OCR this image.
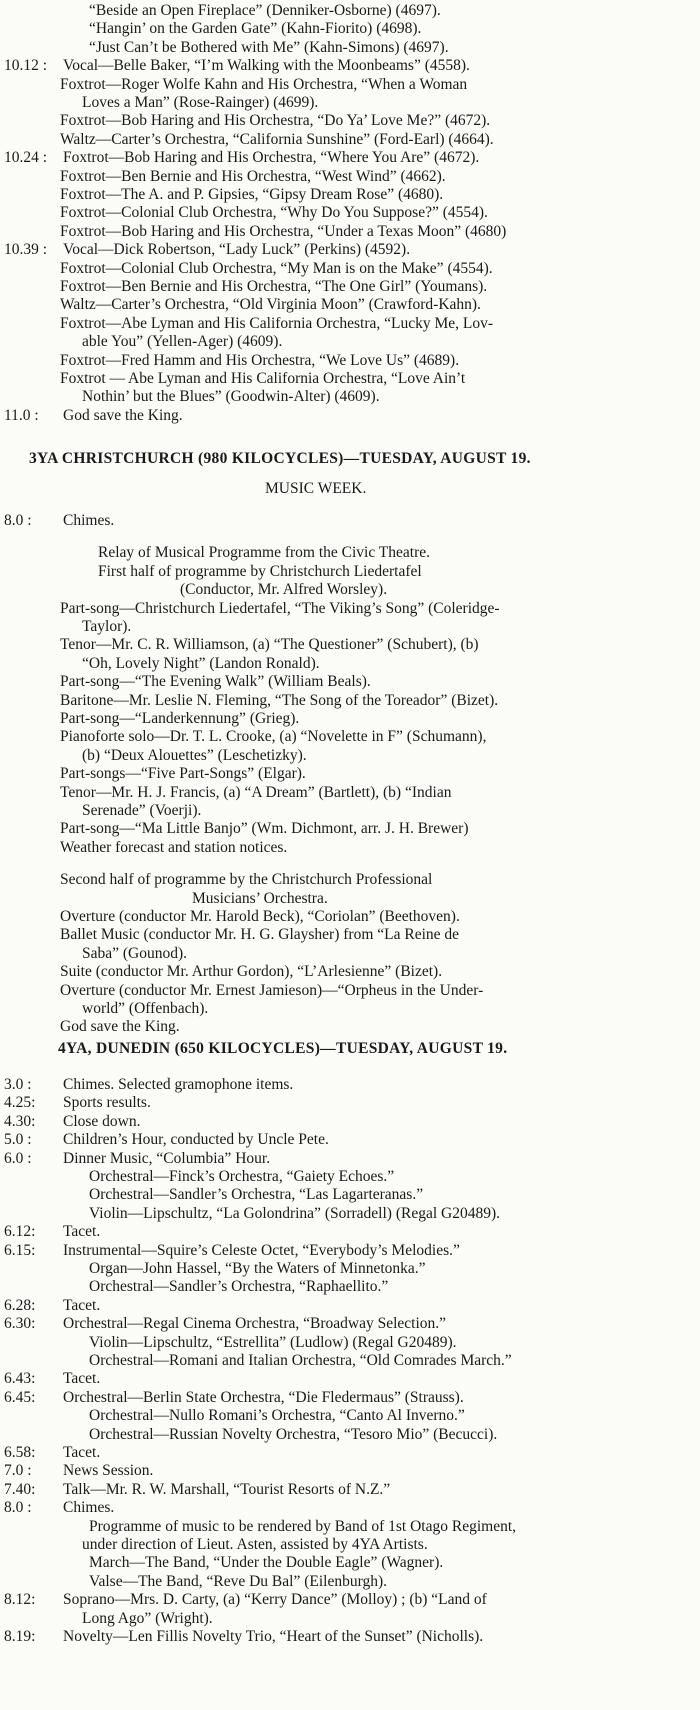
“Beside an Open Fireplace” (Denniker-Osborne) (4697).
“Hangin’ on the Garden Gate” (Kahn-Fiorito) (4698).
“Just Can’t be Bothered with Me” (Kahn-Simons) (4697).
10.12 : Vocal—Belle Baker, “I’m Walking with the Moonbeams” (4558).
Foxtrot—Roger Wolfe Kahn and His Orchestra, “When a Woman
Loves a Man” (Rose-Rainger) (4699).
Foxtrot—Bob Haring and His Orchestra, “Do Ya’ Love Me?” (4672).
Waltz—Carter’s Orchestra, “California Sunshine” (Ford-Earl) (4664).
10.24 : Foxtrot—Bob Haring and His Orchestra, “Where You Are” (4672).
Foxtrot—Ben Bernie and His Orchestra, “West Wind” (4662).
Foxtrot—The A. and P. Gipsies, “Gipsy Dream Rose” (4680).
Foxtrot—Colonial Club Orchestra, “Why Do You Suppose?” (4554).
Foxtrot—Bob Haring and His Orchestra, “Under a Texas Moon” (4680)
10.39 : Vocal—Dick Robertson, “Lady Luck” (Perkins) (4592).
Foxtrot—Colonial Club Orchestra, “My Man is on the Make” (4554).
Foxtrot—Ben Bernie and His Orchestra, “The One Girl” (Youmans).
Waltz—Carter’s Orchestra, “Old Virginia Moon” (Crawford-Kahn).
Foxtrot—Abe Lyman and His California Orchestra, “Lucky Me, Lov-
able You” (Yellen-Ager) (4609).
Foxtrot—Fred Hamm and His Orchestra, “We Love Us” (4689).
Foxtrot — Abe Lyman and His California Orchestra, “Love Ain’t
Nothin’ but the Blues” (Goodwin-Alter) (4609).
11.0 : God save the King.
3YA CHRISTCHURCH (980 KILOCYCLES)—TUESDAY, AUGUST 19.
MUSIC WEEK.
8.0 : Chimes.
Relay of Musical Programme from the Civic Theatre.
First half of programme by Christchurch Liedertafel
(Conductor, Mr. Alfred Worsley).
Part-song—Christchurch Liedertafel, “The Viking’s Song” (Coleridge-
Taylor).
Tenor—Mr. C. R. Williamson, (a) “The Questioner” (Schubert), (b)
“Oh, Lovely Night” (Landon Ronald).
Part-song—“The Evening Walk” (William Beals).
Baritone—Mr. Leslie N. Fleming, “The Song of the Toreador” (Bizet).
Part-song—“Landerkennung” (Grieg).
Pianoforte solo—Dr. T. L. Crooke, (a) “Novelette in F” (Schumann),
(b) “Deux Alouettes” (Leschetizky).
Part-songs—“Five Part-Songs” (Elgar).
Tenor—Mr. H. J. Francis, (a) “A Dream” (Bartlett), (b) “Indian
Serenade” (Voerji).
Part-song—“Ma Little Banjo” (Wm. Dichmont, arr. J. H. Brewer)
Weather forecast and station notices.
Second half of programme by the Christchurch Professional
Musicians’ Orchestra.
Overture (conductor Mr. Harold Beck), “Coriolan” (Beethoven).
Ballet Music (conductor Mr. H. G. Glaysher) from “La Reine de
Saba” (Gounod).
Suite (conductor Mr. Arthur Gordon), “L’Arlesienne” (Bizet).
Overture (conductor Mr. Ernest Jamieson)—“Orpheus in the Under-
world” (Offenbach).
God save the King.
4YA, DUNEDIN (650 KILOCYCLES)—TUESDAY, AUGUST 19.
3.0 : Chimes. Selected gramophone items.
4.25: Sports results.
4.30: Close down.
5.0 : Children’s Hour, conducted by Uncle Pete.
6.0 : Dinner Music, “Columbia” Hour.
Orchestral—Finck’s Orchestra, “Gaiety Echoes.”
Orchestral—Sandler’s Orchestra, “Las Lagarteranas.”
Violin—Lipschultz, “La Golondrina” (Sorradell) (Regal G20489).
6.12: Tacet.
6.15: Instrumental—Squire’s Celeste Octet, “Everybody’s Melodies.”
Organ—John Hassel, “By the Waters of Minnetonka.”
Orchestral—Sandler’s Orchestra, “Raphaellito.”
6.28: Tacet.
6.30: Orchestral—Regal Cinema Orchestra, “Broadway Selection.”
Violin—Lipschultz, “Estrellita” (Ludlow) (Regal G20489).
Orchestral—Romani and Italian Orchestra, “Old Comrades March.”
6.43: Tacet.
6.45: Orchestral—Berlin State Orchestra, “Die Fledermaus” (Strauss).
Orchestral—Nullo Romani’s Orchestra, “Canto Al Inverno.”
Orchestral—Russian Novelty Orchestra, “Tesoro Mio” (Becucci).
6.58: Tacet.
7.0 : News Session.
7.40: Talk—Mr. R. W. Marshall, “Tourist Resorts of N.Z.”
8.0 : Chimes.
Programme of music to be rendered by Band of 1st Otago Regiment,
under direction of Lieut. Asten, assisted by 4YA Artists.
March—The Band, “Under the Double Eagle” (Wagner).
Valse—The Band, “Reve Du Bal” (Eilenburgh).
8.12: Soprano—Mrs. D. Carty, (a) “Kerry Dance” (Molloy) ; (b) “Land of
Long Ago” (Wright).
8.19: Novelty—Len Fillis Novelty Trio, “Heart of the Sunset” (Nicholls).
